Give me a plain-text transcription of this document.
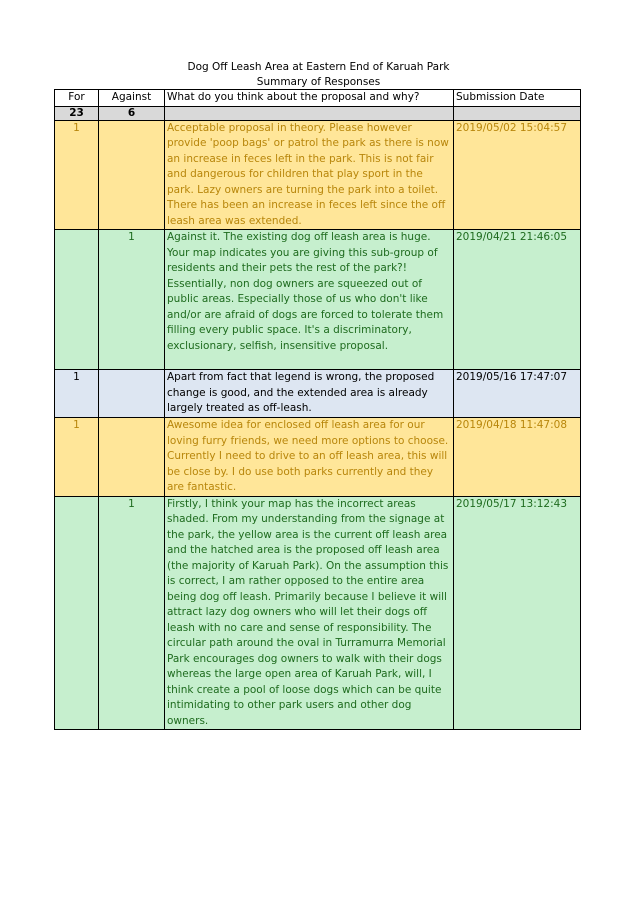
Dog Off Leash Area at Eastern End of Karuah Park
Summary of Responses
For	Against	What do you think about the proposal and why?	Submission Date
23	6		
1		Acceptable proposal in theory. Please however provide 'poop bags' or patrol the park as there is now an increase in feces left in the park. This is not fair and dangerous for children that play sport in the park. Lazy owners are turning the park into a toilet. There has been an increase in feces left since the off leash area was extended.	2019/05/02 15:04:57
	1	Against it. The existing dog off leash area is huge. Your map indicates you are giving this sub-group of residents and their pets the rest of the park?! Essentially, non dog owners are squeezed out of public areas. Especially those of us who don't like and/or are afraid of dogs are forced to tolerate them filling every public space. It's a discriminatory, exclusionary, selfish, insensitive proposal.	2019/04/21 21:46:05
1		Apart from fact that legend is wrong, the proposed change is good, and the extended area is already largely treated as off-leash.	2019/05/16 17:47:07
1		Awesome idea for enclosed off leash area for our loving furry friends, we need more options to choose. Currently I need to drive to an off leash area, this will be close by. I do use both parks currently and they are fantastic.	2019/04/18 11:47:08
	1	Firstly, I think your map has the incorrect areas shaded. From my understanding from the signage at the park, the yellow area is the current off leash area and the hatched area is the proposed off leash area (the majority of Karuah Park). On the assumption this is correct, I am rather opposed to the entire area being dog off leash. Primarily because I believe it will attract lazy dog owners who will let their dogs off leash with no care and sense of responsibility. The circular path around the oval in Turramurra Memorial Park encourages dog owners to walk with their dogs whereas the large open area of Karuah Park, will, I think create a pool of loose dogs which can be quite intimidating to other park users and other dog owners.	2019/05/17 13:12:43
